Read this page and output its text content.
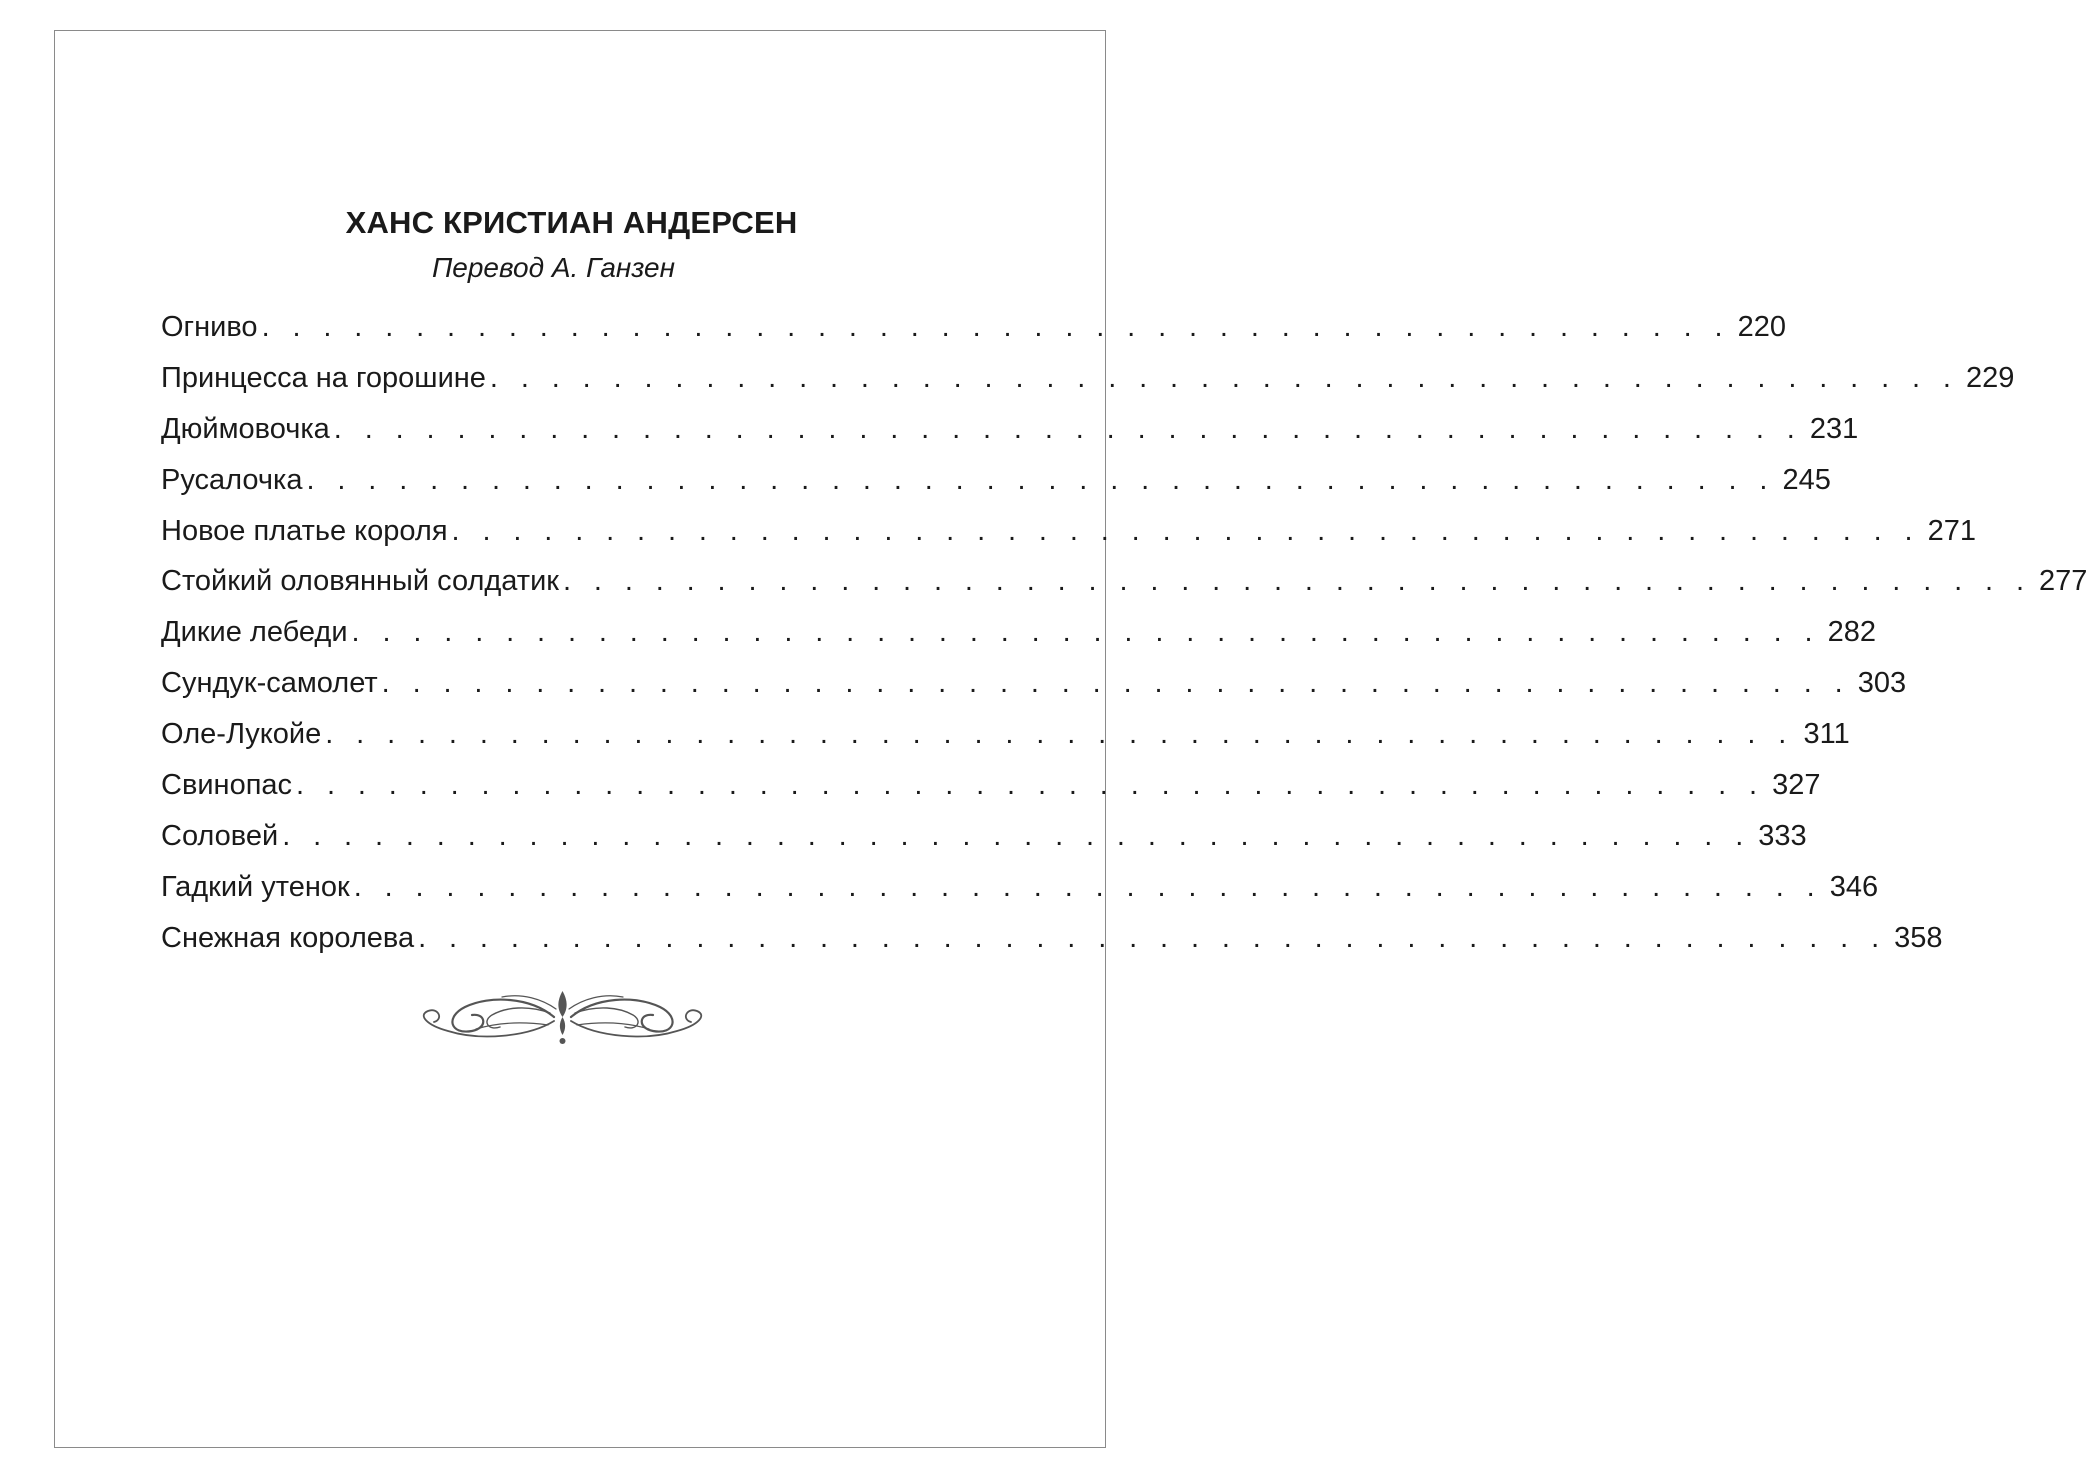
ХАНС КРИСТИАН АНДЕРСЕН
Перевод А. Ганзен
Огниво . . . . . . . . . . . . . . . . . . . . . . . . . . . . . . . . . . . . . . . . . . . . . . . . 220
Принцесса на горошине . . . . . . . . . . . . . . . . . . . . . . . . . . . . . . . . . . . . . . . . . . . . . . . . 229
Дюймовочка . . . . . . . . . . . . . . . . . . . . . . . . . . . . . . . . . . . . . . . . . . . . . . . . 231
Русалочка . . . . . . . . . . . . . . . . . . . . . . . . . . . . . . . . . . . . . . . . . . . . . . . . 245
Новое платье короля . . . . . . . . . . . . . . . . . . . . . . . . . . . . . . . . . . . . . . . . . . . . . . . . 271
Стойкий оловянный солдатик . . . . . . . . . . . . . . . . . . . . . . . . . . . . . . . . . . . . . . . . . . . . . . . . 277
Дикие лебеди . . . . . . . . . . . . . . . . . . . . . . . . . . . . . . . . . . . . . . . . . . . . . . . . 282
Сундук-самолет . . . . . . . . . . . . . . . . . . . . . . . . . . . . . . . . . . . . . . . . . . . . . . . . 303
Оле-Лукойе . . . . . . . . . . . . . . . . . . . . . . . . . . . . . . . . . . . . . . . . . . . . . . . . 311
Свинопас . . . . . . . . . . . . . . . . . . . . . . . . . . . . . . . . . . . . . . . . . . . . . . . . 327
Соловей . . . . . . . . . . . . . . . . . . . . . . . . . . . . . . . . . . . . . . . . . . . . . . . . 333
Гадкий утенок . . . . . . . . . . . . . . . . . . . . . . . . . . . . . . . . . . . . . . . . . . . . . . . . 346
Снежная королева . . . . . . . . . . . . . . . . . . . . . . . . . . . . . . . . . . . . . . . . . . . . . . . . 358
